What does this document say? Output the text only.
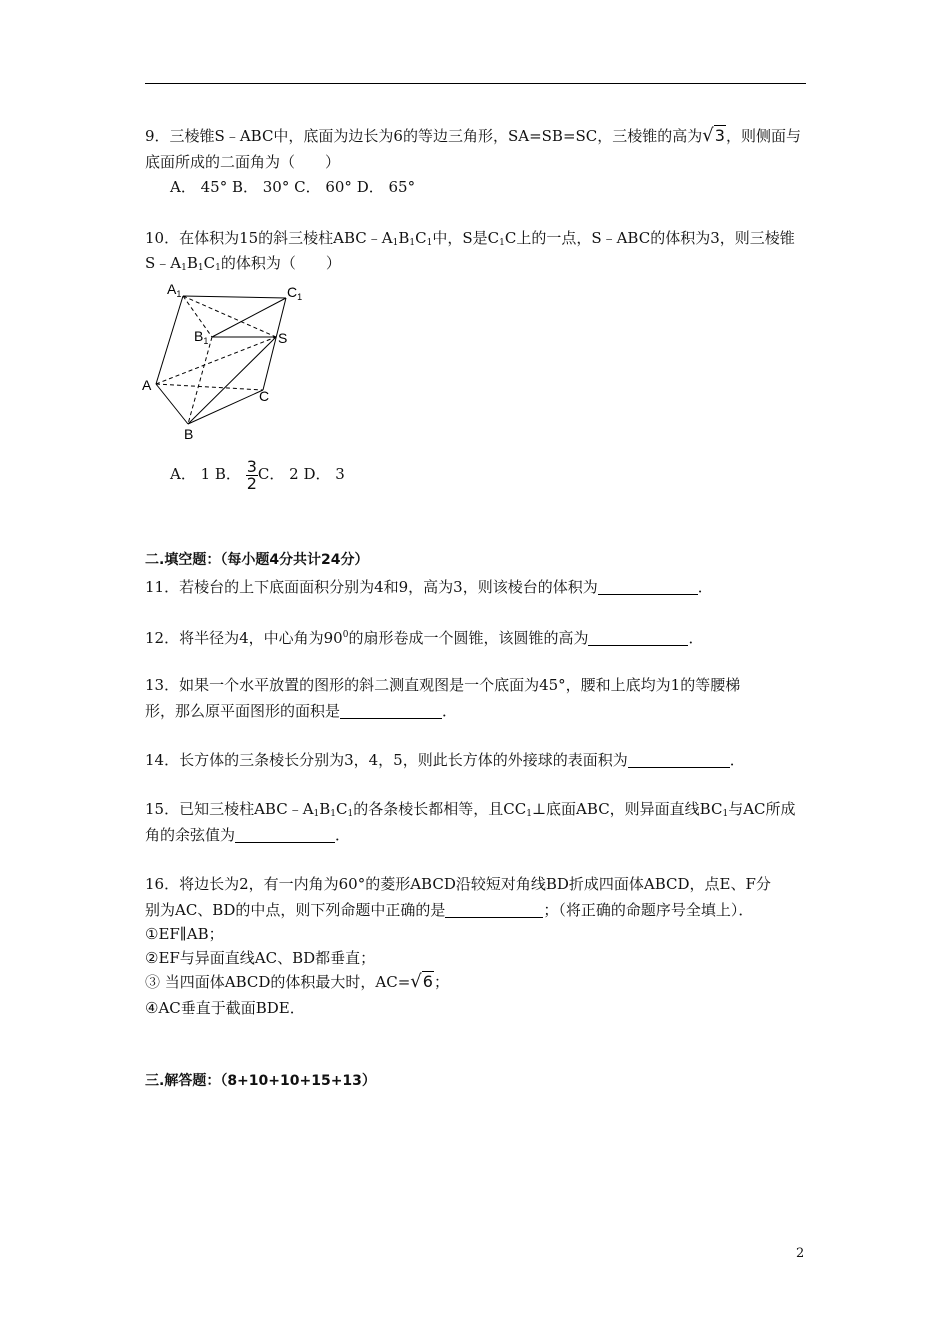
9．三棱锥S﹣ABC中，底面为边长为6的等边三角形，SA=SB=SC，三棱锥的高为√3，则侧面与
底面所成的二面角为（　　）
A． 45° B． 30° C． 60° D． 65°
10．在体积为15的斜三棱柱$ABC﹣A_1B_1C_1$中，S是$C_1C$上的一点，S﹣ABC的体积为3，则三棱锥
$S﹣A_1B_1C_1$的体积为（　　）
$A_1$	$C_1$
$B_1$	S
A
C
B
A． 1 B． $\frac{3}{2}$ C． 2 D． 3
二.填空题：（每小题4分共计24分）
11．若棱台的上下底面面积分别为4和9，高为3，则该棱台的体积为	．
12．将半径为4，中心角为$90^0$的扇形卷成一个圆锥，该圆锥的高为	．
13．如果一个水平放置的图形的斜二测直观图是一个底面为45°，腰和上底均为1的等腰梯
形，那么原平面图形的面积是	．
14．长方体的三条棱长分别为3，4，5，则此长方体的外接球的表面积为	．
15．已知三棱柱$ABC﹣A_1B_1C_1$的各条棱长都相等，且$CC_1\perp$底面ABC，则异面直线$BC_1$与AC所成
角的余弦值为	．
16．将边长为2，有一内角为60°的菱形ABCD沿较短对角线BD折成四面体ABCD，点E、F分
别为AC、BD的中点，则下列命题中正确的是	；（将正确的命题序号全填上）．
①EF∥AB；
②EF与异面直线AC、BD都垂直；
③ 当四面体ABCD的体积最大时，AC=√6；
④AC垂直于截面BDE．
三.解答题：（8+10+10+15+13）
2
